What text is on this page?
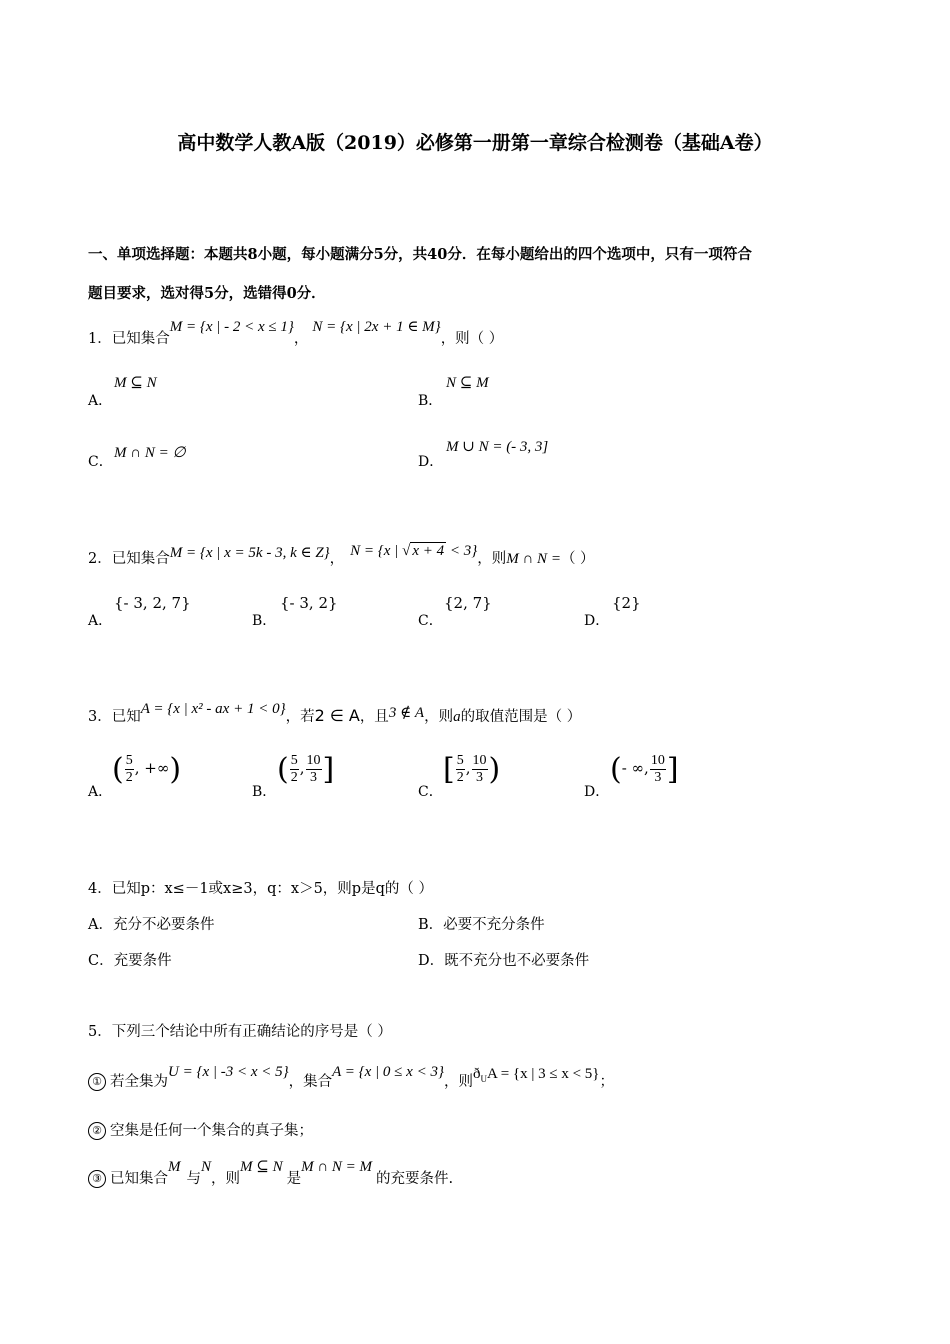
高中数学人教A版（2019）必修第一册第一章综合检测卷（基础A卷）
一、单项选择题：本题共8小题，每小题满分5分，共40分．在每小题给出的四个选项中，只有一项符合
题目要求，选对得5分，选错得0分．
1．已知集合M = {x | - 2 < x ≤ 1}，N = {x | 2x + 1 ∈ M}，则（ ）
A．
M ⊆ N
B．
N ⊆ M
C．
M ∩ N = ∅
D．
M ∪ N = (- 3, 3]
2．已知集合M = {x | x = 5k - 3, k ∈ Z}， N = {x | √ x + 4 < 3}，则M ∩ N =（ ）
A．
{- 3, 2, 7}
B．
{- 3, 2}
C．
{2, 7}
D．
{2}
3．已知A = {x | x² - ax + 1 < 0}，若2 ∈ A，且3 ∉ A，则a的取值范围是（ ）
A．
( $\frac{5}{2}$ , +∞)
B．
( $\frac{5}{2}$ , $\frac{10}{3}$ ]
C．
[ $\frac{5}{2}$ , $\frac{10}{3}$ )
D．
(- ∞, $\frac{10}{3}$ ]
4．已知p：x≤－1或x≥3，q：x＞5，则p是q的（ ）
A．充分不必要条件	B．必要不充分条件
C．充要条件	D．既不充分也不必要条件
5．下列三个结论中所有正确结论的序号是（ ）
① 若全集为U = {x | -3 < x < 5}，集合A = {x | 0 ≤ x < 3}，则$ð_UA = \{x$ | 3 ≤ x < 5}；
② 空集是任何一个集合的真子集；
③ 已知集合M与N，则M ⊆ N是M ∩ N = M的充要条件.
